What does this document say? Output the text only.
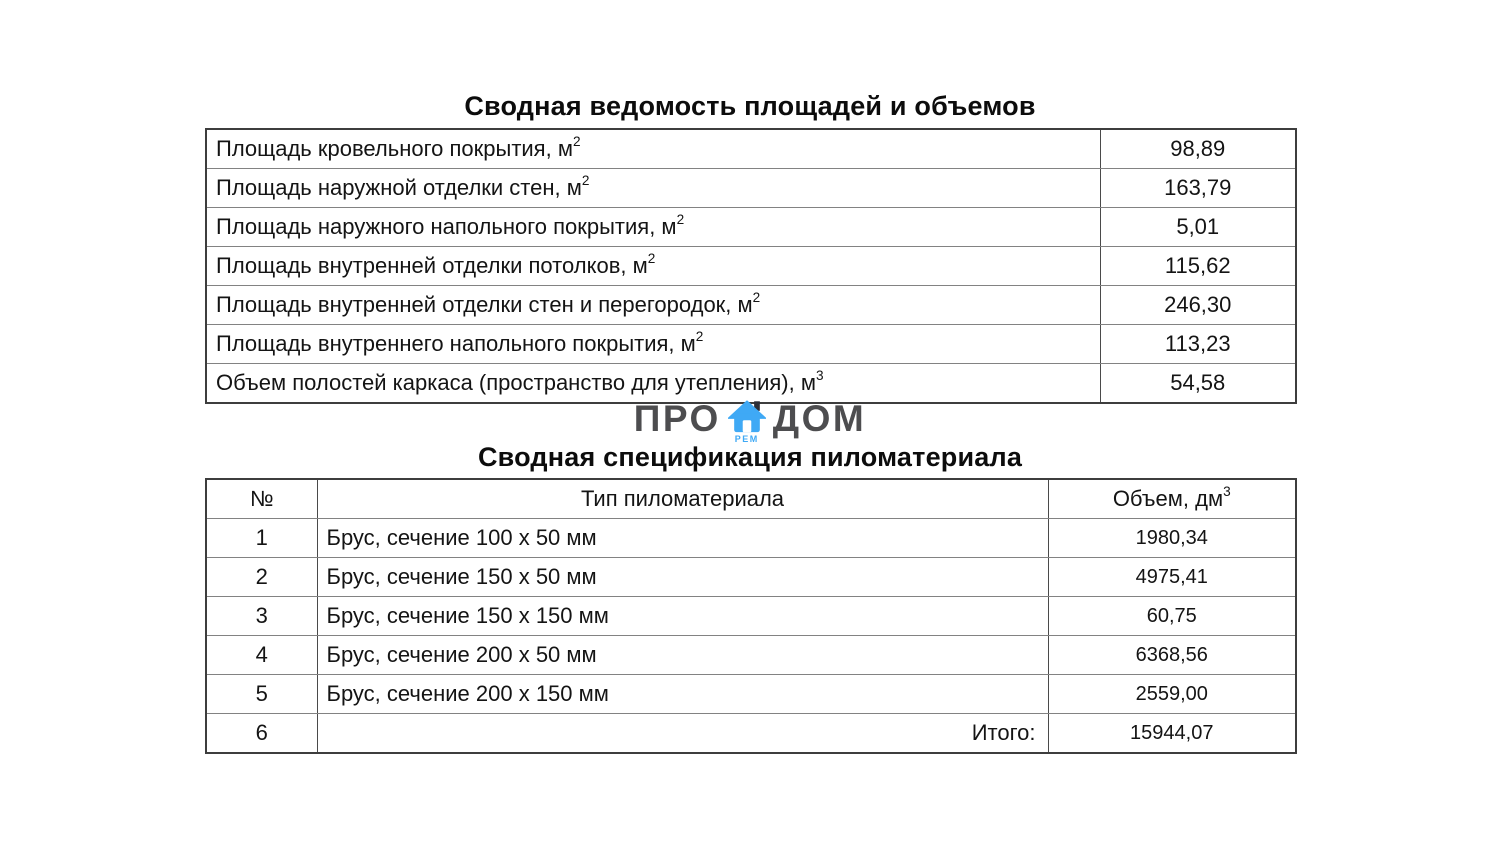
Сводная ведомость площадей и объемов
Площадь кровельного покрытия, $м^2$	98,89
Площадь наружной отделки стен, $м^2$	163,79
Площадь наружного напольного покрытия, $м^2$	5,01
Площадь внутренней отделки потолков, $м^2$	115,62
Площадь внутренней отделки стен и перегородок, $м^2$	246,30
Площадь внутреннего напольного покрытия, $м^2$	113,23
Объем полостей каркаса (пространство для утепления), $м^3$	54,58
ПРО РЕМ ДОМ
Сводная спецификация пиломатериала
№	Тип пиломатериала	Объем, $дм^3$
1	Брус, сечение 100 х 50 мм	1980,34
2	Брус, сечение 150 х 50 мм	4975,41
3	Брус, сечение 150 х 150 мм	60,75
4	Брус, сечение 200 х 50 мм	6368,56
5	Брус, сечение 200 х 150 мм	2559,00
6	Итого:	15944,07
